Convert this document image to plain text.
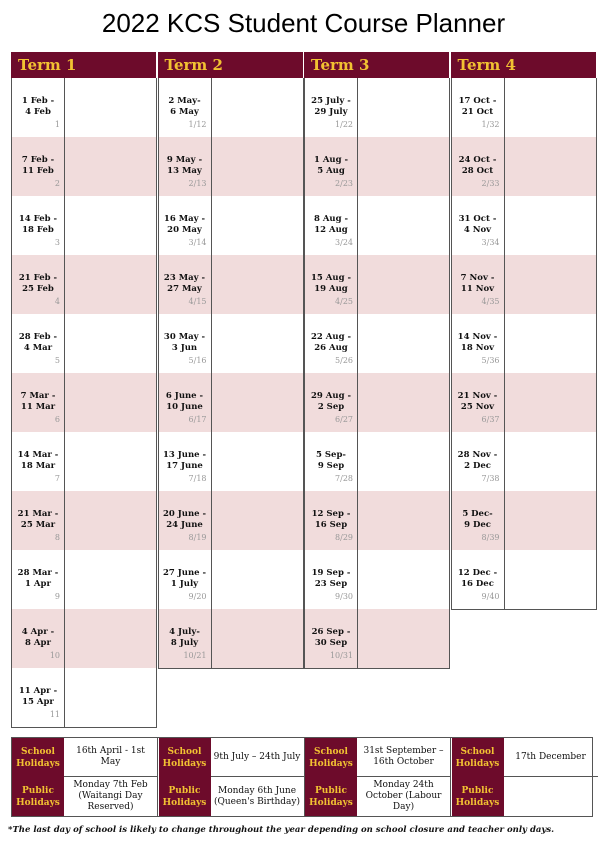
2022 KCS Student Course Planner
Term 1
1 Feb -
4 Feb
1
7 Feb -
11 Feb
2
14 Feb -
18 Feb
3
21 Feb -
25 Feb
4
28 Feb -
4 Mar
5
7 Mar -
11 Mar
6
14 Mar -
18 Mar
7
21 Mar -
25 Mar
8
28 Mar -
1 Apr
9
4 Apr -
8 Apr
10
11 Apr -
15 Apr
11
Term 2
2 May-
6 May
1/12
9 May -
13 May
2/13
16 May -
20 May
3/14
23 May -
27 May
4/15
30 May -
3 Jun
5/16
6 June -
10 June
6/17
13 June -
17 June
7/18
20 June -
24 June
8/19
27 June -
1 July
9/20
4 July-
8 July
10/21
Term 3
25 July -
29 July
1/22
1 Aug -
5 Aug
2/23
8 Aug -
12 Aug
3/24
15 Aug -
19 Aug
4/25
22 Aug -
26 Aug
5/26
29 Aug -
2 Sep
6/27
5 Sep-
9 Sep
7/28
12 Sep -
16 Sep
8/29
19 Sep -
23 Sep
9/30
26 Sep -
30 Sep
10/31
Term 4
17 Oct -
21 Oct
1/32
24 Oct -
28 Oct
2/33
31 Oct -
4 Nov
3/34
7 Nov -
11 Nov
4/35
14 Nov -
18 Nov
5/36
21 Nov -
25 Nov
6/37
28 Nov -
2 Dec
7/38
5 Dec-
9 Dec
8/39
12 Dec -
16 Dec
9/40
School Holidays
16th April - 1st May
School Holidays
9th July – 24th July	School Holidays
31st September – 16th October
School Holidays
17th December
Public Holidays
Monday 7th Feb (Waitangi Day Reserved)
Public Holidays
Monday 6th June (Queen's Birthday)
Public Holidays
Monday 24th October (Labour Day)
Public Holidays
*The last day of school is likely to change throughout the year depending on school closure and teacher only days.
